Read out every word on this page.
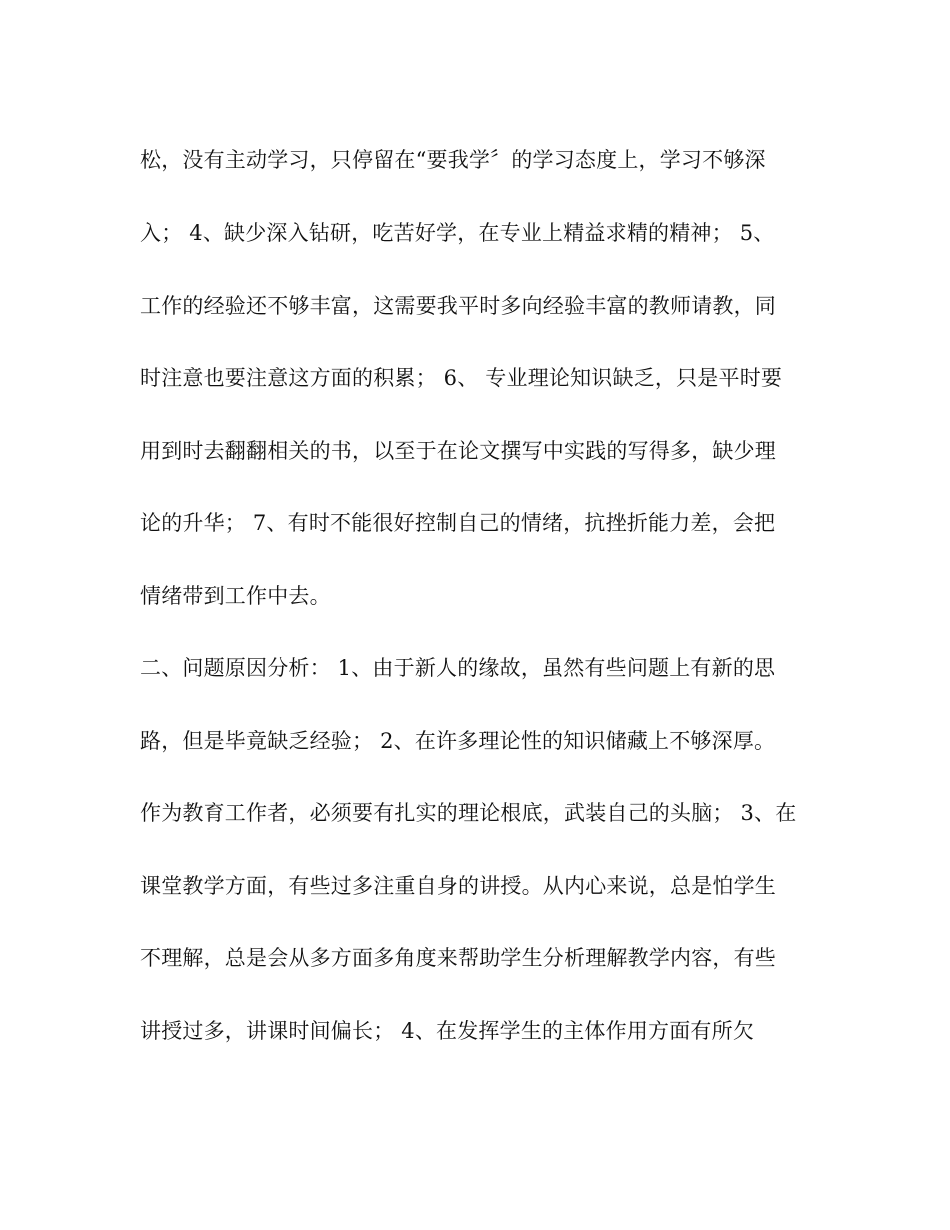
松，没有主动学习，只停留在“要我学〞的学习态度上，学习不够深
入； 4、缺少深入钻研，吃苦好学，在专业上精益求精的精神； 5、
工作的经验还不够丰富，这需要我平时多向经验丰富的教师请教，同
时注意也要注意这方面的积累； 6、 专业理论知识缺乏，只是平时要
用到时去翻翻相关的书，以至于在论文撰写中实践的写得多，缺少理
论的升华； 7、有时不能很好控制自己的情绪，抗挫折能力差，会把
情绪带到工作中去。
二、问题原因分析： 1、由于新人的缘故，虽然有些问题上有新的思
路，但是毕竟缺乏经验； 2、在许多理论性的知识储藏上不够深厚。
作为教育工作者，必须要有扎实的理论根底，武装自己的头脑； 3、在
课堂教学方面，有些过多注重自身的讲授。从内心来说，总是怕学生
不理解，总是会从多方面多角度来帮助学生分析理解教学内容，有些
讲授过多，讲课时间偏长； 4、在发挥学生的主体作用方面有所欠
